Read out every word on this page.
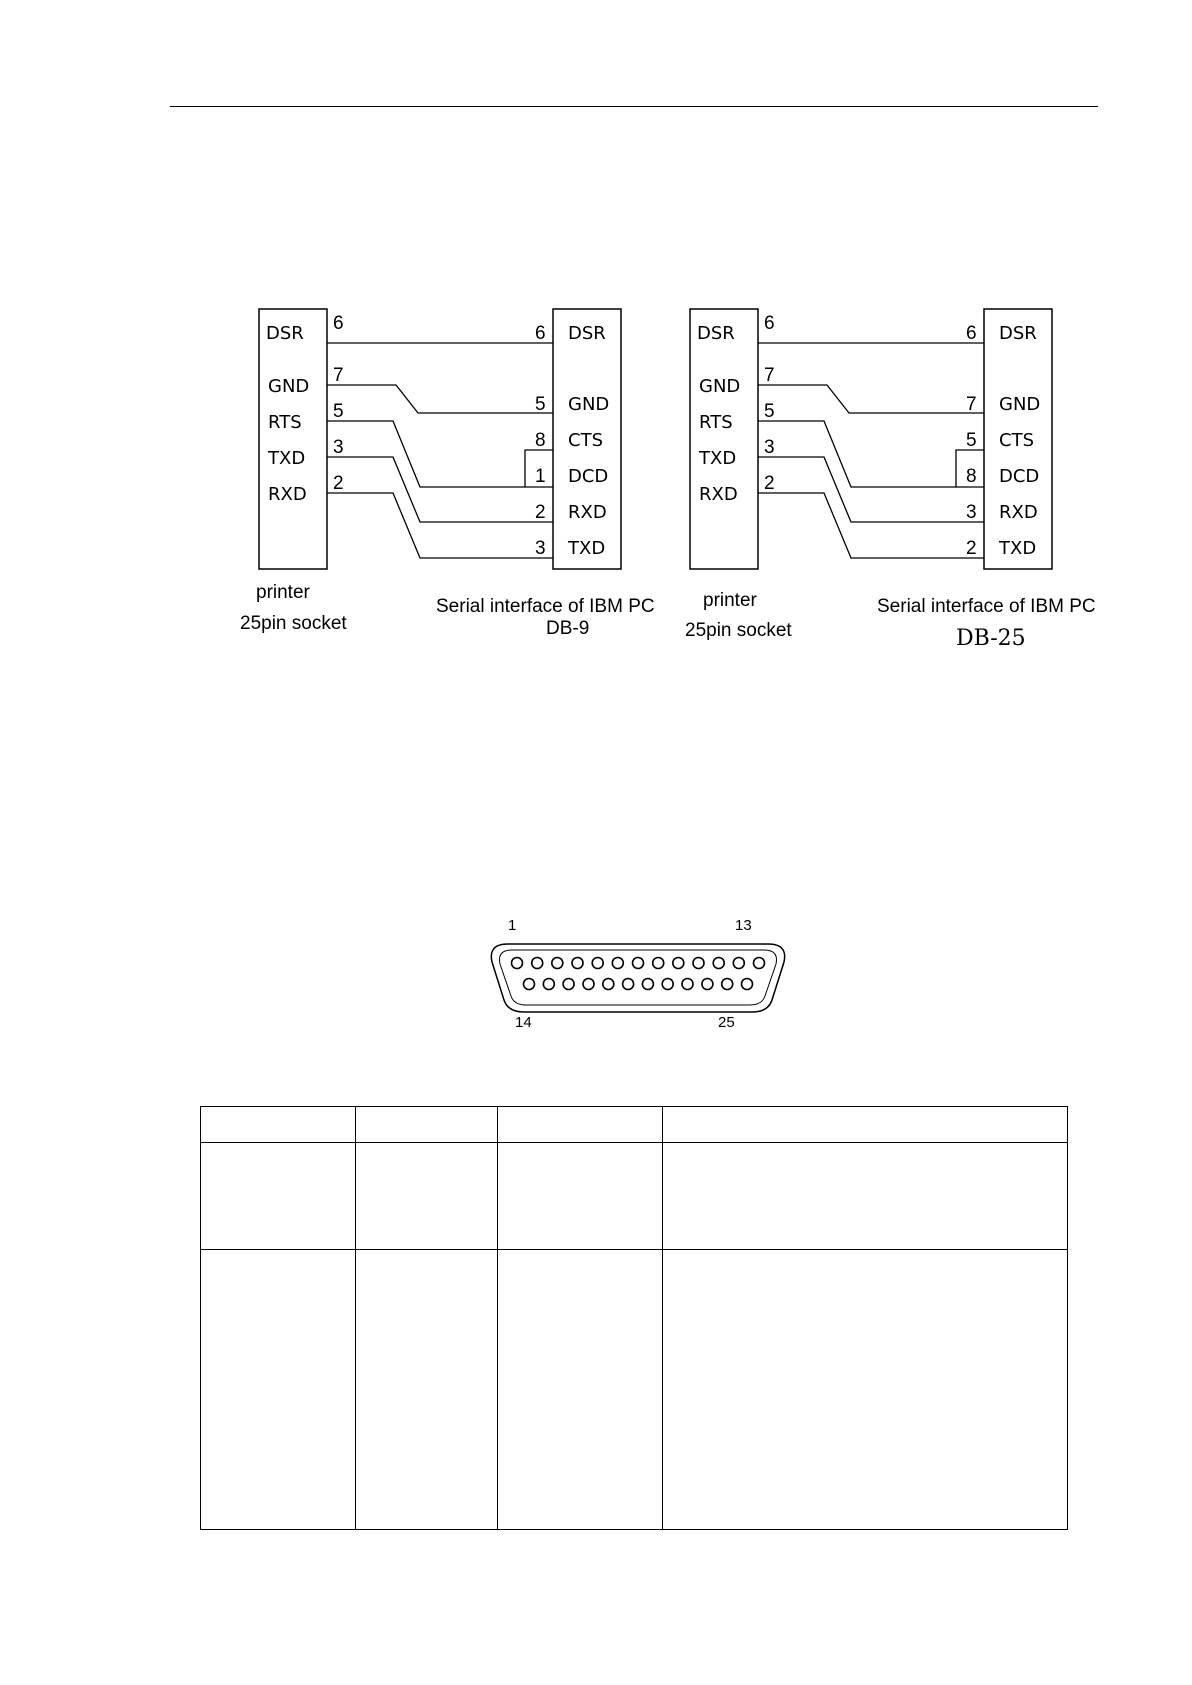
DSR
GND
RTS
TXD
RXD
6
7
5
3
2
6
5
8
1
2
3
DSR
GND
CTS
DCD
RXD
TXD
DSR
GND
RTS
TXD
RXD
6
7
5
3
2
6
7
5
8
3
2
DSR
GND
CTS
DCD
RXD
TXD
1	13
14	25
printer
25pin socket
Serial interface of IBM PC
DB-9
printer
25pin socket
Serial interface of IBM PC
DB-25
